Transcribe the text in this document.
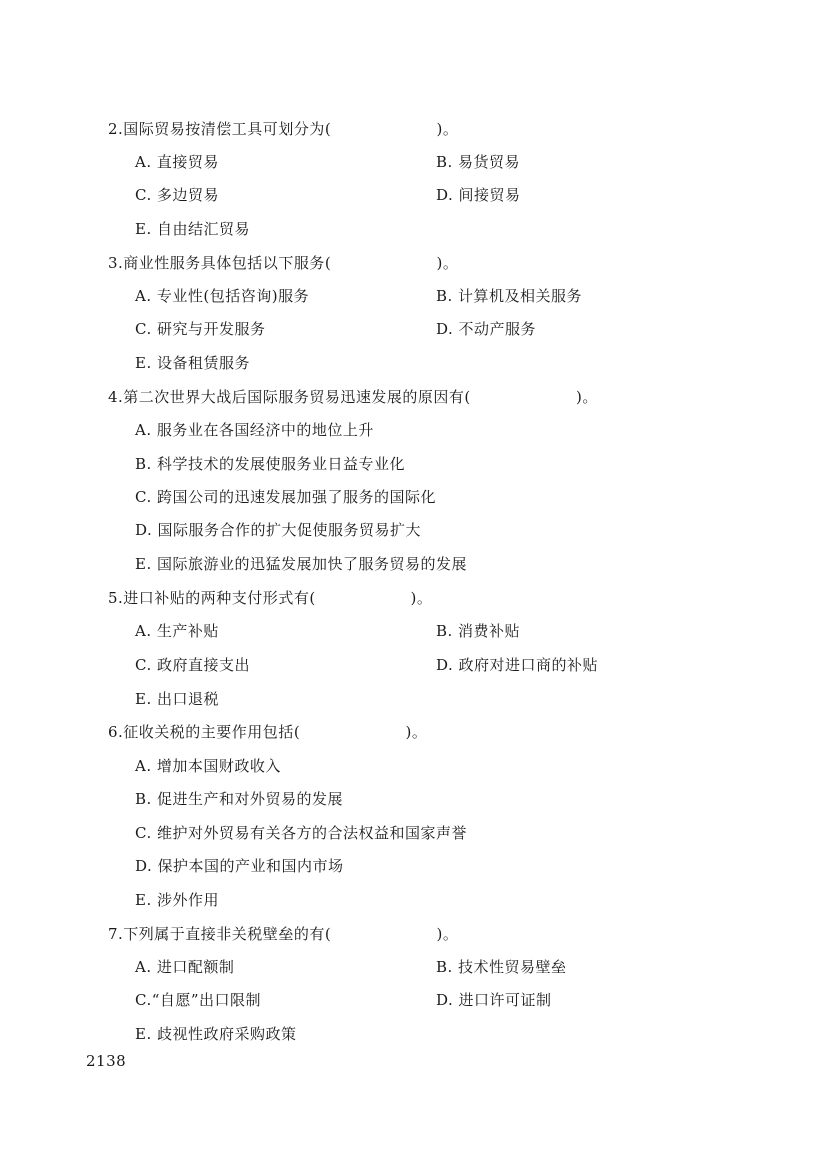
2.国际贸易按清偿工具可划分为(                    )。
A. 直接贸易	B. 易货贸易
C. 多边贸易	D. 间接贸易
E. 自由结汇贸易
3.商业性服务具体包括以下服务(                    )。
A. 专业性(包括咨询)服务	B. 计算机及相关服务
C. 研究与开发服务	D. 不动产服务
E. 设备租赁服务
4.第二次世界大战后国际服务贸易迅速发展的原因有(                    )。
A. 服务业在各国经济中的地位上升
B. 科学技术的发展使服务业日益专业化
C. 跨国公司的迅速发展加强了服务的国际化
D. 国际服务合作的扩大促使服务贸易扩大
E. 国际旅游业的迅猛发展加快了服务贸易的发展
5.进口补贴的两种支付形式有(                  )。
A. 生产补贴	B. 消费补贴
C. 政府直接支出	D. 政府对进口商的补贴
E. 出口退税
6.征收关税的主要作用包括(                    )。
A. 增加本国财政收入
B. 促进生产和对外贸易的发展
C. 维护对外贸易有关各方的合法权益和国家声誉
D. 保护本国的产业和国内市场
E. 涉外作用
7.下列属于直接非关税壁垒的有(                    )。
A. 进口配额制	B. 技术性贸易壁垒
C.“自愿”出口限制	D. 进口许可证制
E. 歧视性政府采购政策
2138
